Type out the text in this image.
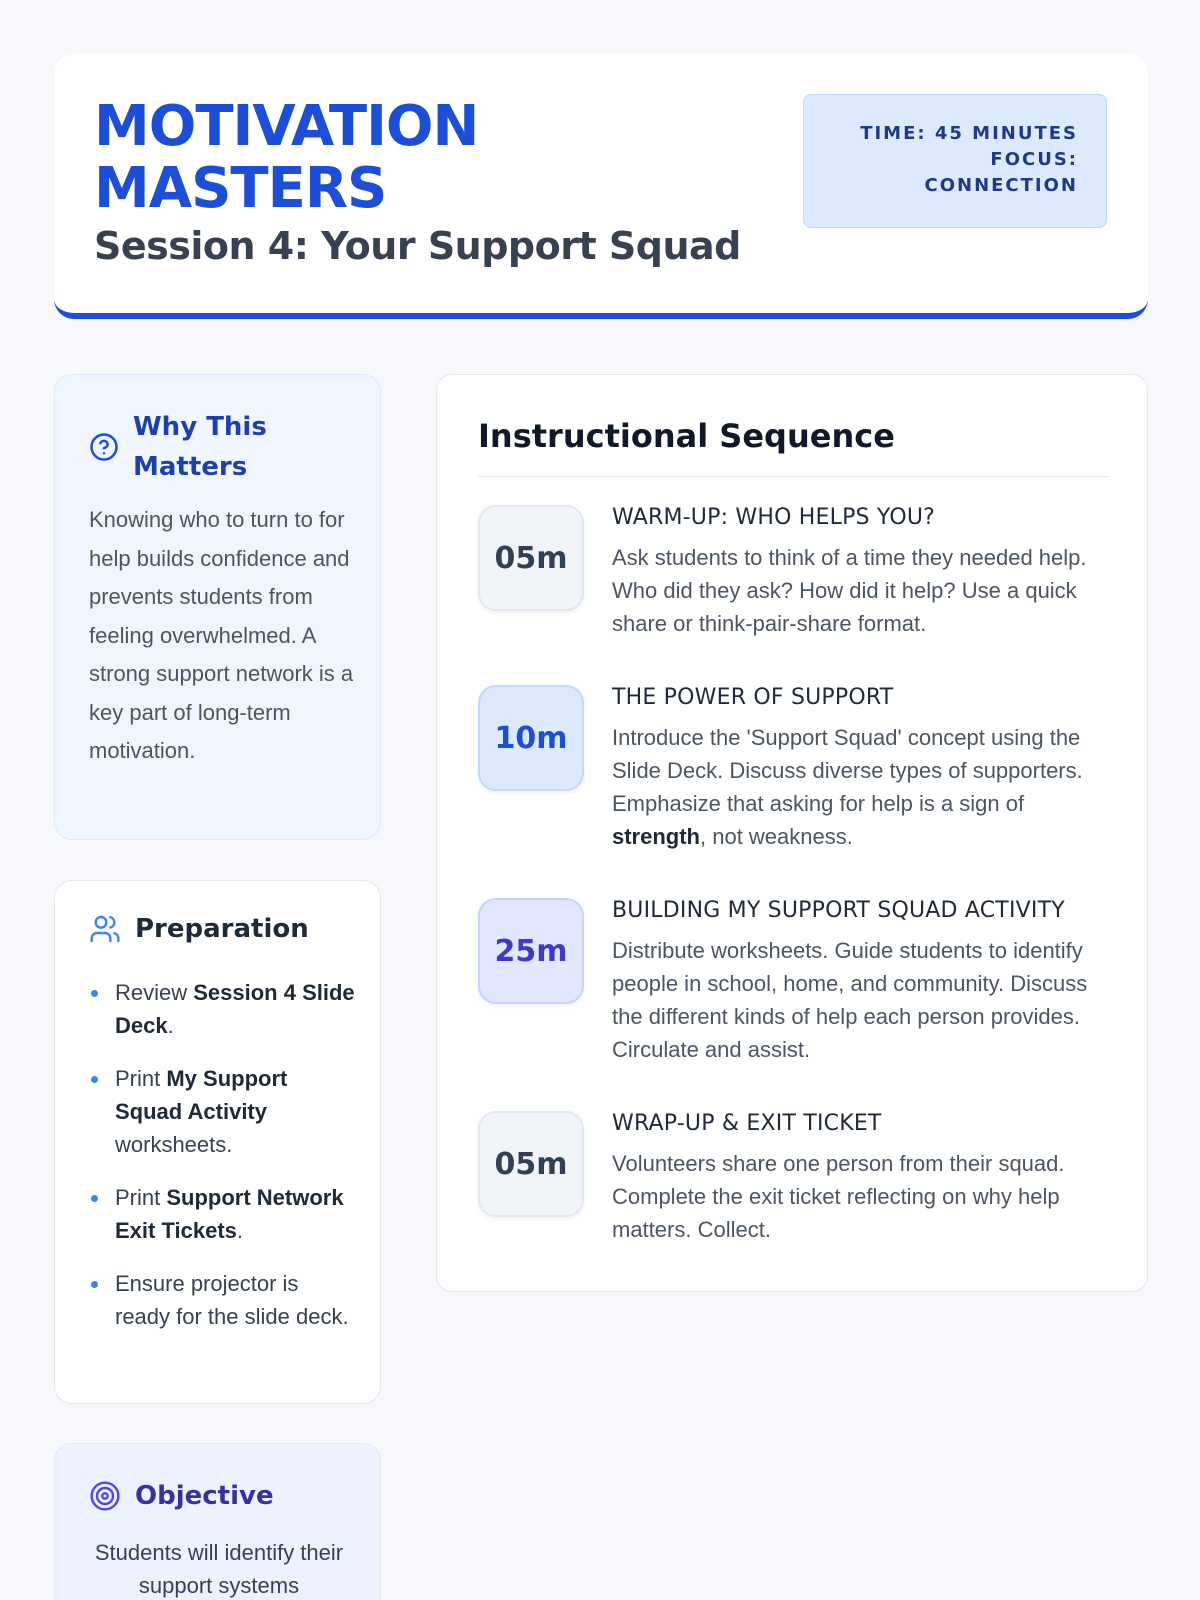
MOTIVATION
MASTERS
Session 4: Your Support Squad
TIME: 45 MINUTES
FOCUS:
CONNECTION
Why This Matters
Knowing who to turn to for help builds confidence and prevents students from feeling overwhelmed. A strong support network is a key part of long-term motivation.
Preparation
Review Session 4 Slide Deck.
Print My Support Squad Activity worksheets.
Print Support Network Exit Tickets.
Ensure projector is ready for the slide deck.
Objective
Students will identify their support systems
Instructional Sequence
05m
WARM-UP: WHO HELPS YOU?
Ask students to think of a time they needed help. Who did they ask? How did it help? Use a quick share or think-pair-share format.
10m
THE POWER OF SUPPORT
Introduce the 'Support Squad' concept using the Slide Deck. Discuss diverse types of supporters. Emphasize that asking for help is a sign of strength, not weakness.
25m
BUILDING MY SUPPORT SQUAD ACTIVITY
Distribute worksheets. Guide students to identify people in school, home, and community. Discuss the different kinds of help each person provides. Circulate and assist.
05m
WRAP-UP & EXIT TICKET
Volunteers share one person from their squad. Complete the exit ticket reflecting on why help matters. Collect.
